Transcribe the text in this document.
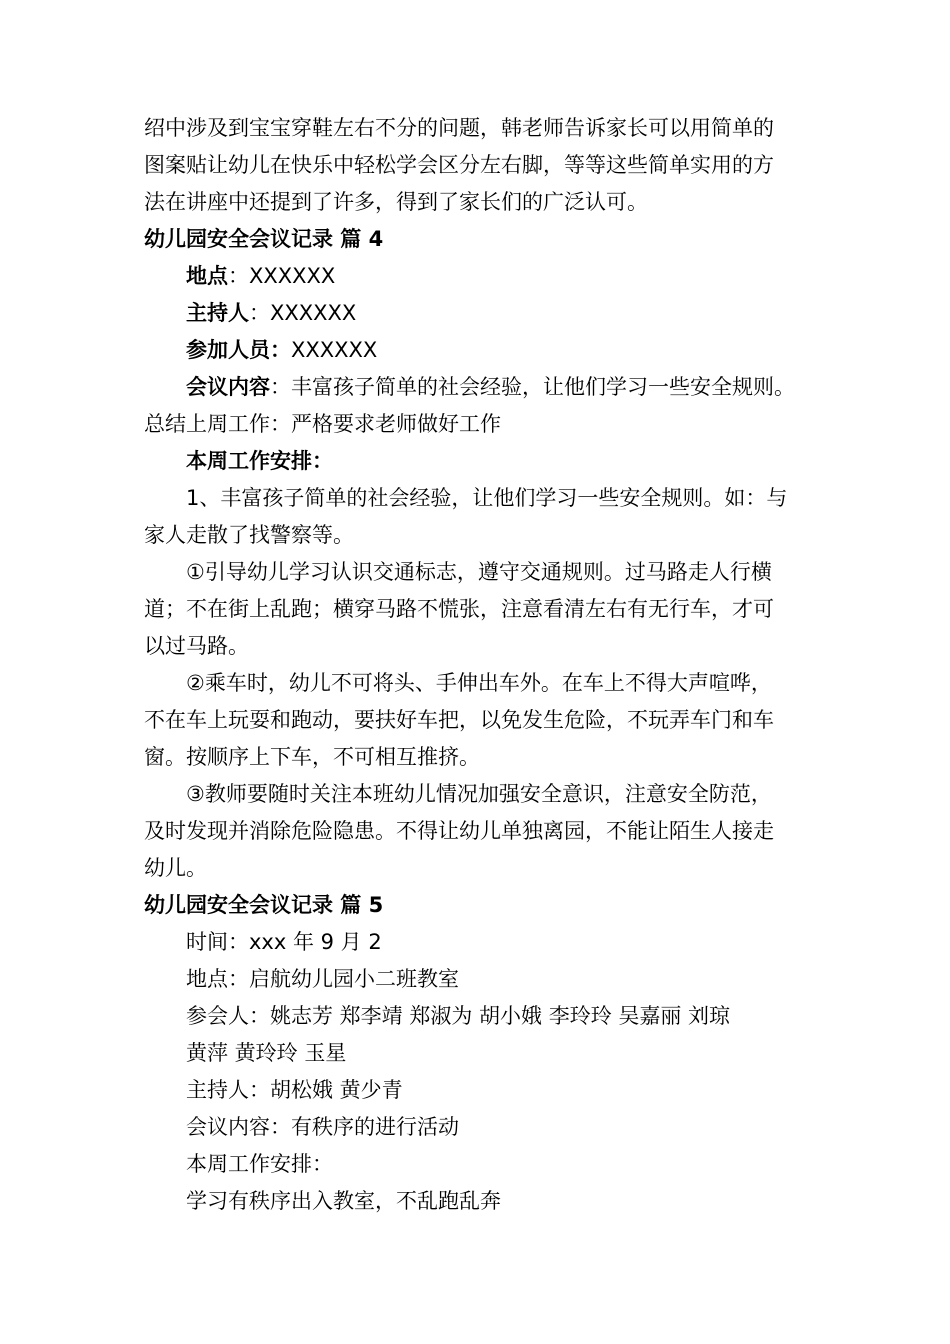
绍中涉及到宝宝穿鞋左右不分的问题，韩老师告诉家长可以用简单的
图案贴让幼儿在快乐中轻松学会区分左右脚，等等这些简单实用的方
法在讲座中还提到了许多，得到了家长们的广泛认可。
幼儿园安全会议记录 篇 4
地点：XXXXXX
主持人：XXXXXX
参加人员：XXXXXX
会议内容：丰富孩子简单的社会经验，让他们学习一些安全规则。
总结上周工作：严格要求老师做好工作
本周工作安排：
1、丰富孩子简单的社会经验，让他们学习一些安全规则。如：与
家人走散了找警察等。
①引导幼儿学习认识交通标志，遵守交通规则。过马路走人行横
道；不在街上乱跑；横穿马路不慌张，注意看清左右有无行车，才可
以过马路。
②乘车时，幼儿不可将头、手伸出车外。在车上不得大声喧哗，
不在车上玩耍和跑动，要扶好车把，以免发生危险，不玩弄车门和车
窗。按顺序上下车，不可相互推挤。
③教师要随时关注本班幼儿情况加强安全意识，注意安全防范，
及时发现并消除危险隐患。不得让幼儿单独离园，不能让陌生人接走
幼儿。
幼儿园安全会议记录 篇 5
时间：xxx 年 9 月 2
地点：启航幼儿园小二班教室
参会人：姚志芳 郑李靖 郑淑为 胡小娥 李玲玲 吴嘉丽 刘琼
黄萍 黄玲玲 玉星
主持人：胡松娥 黄少青
会议内容：有秩序的进行活动
本周工作安排：
学习有秩序出入教室，不乱跑乱奔
